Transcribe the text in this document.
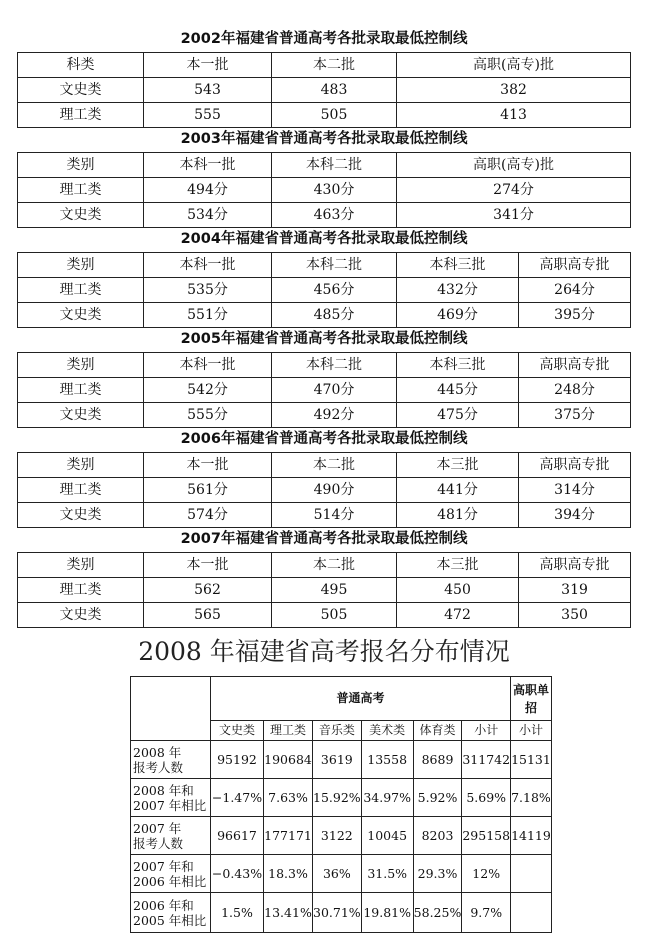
2002年福建省普通高考各批录取最低控制线			
科类	本一批	本二批	高职(高专)批
文史类	543	483	382
理工类	555	505	413
2003年福建省普通高考各批录取最低控制线			
类别	本科一批	本科二批	高职(高专)批
理工类	494分	430分	274分
文史类	534分	463分	341分
2004年福建省普通高考各批录取最低控制线				
类别	本科一批	本科二批	本科三批	高职高专批
理工类	535分	456分	432分	264分
文史类	551分	485分	469分	395分
2005年福建省普通高考各批录取最低控制线				
类别	本科一批	本科二批	本科三批	高职高专批
理工类	542分	470分	445分	248分
文史类	555分	492分	475分	375分
2006年福建省普通高考各批录取最低控制线				
类别	本一批	本二批	本三批	高职高专批
理工类	561分	490分	441分	314分
文史类	574分	514分	481分	394分
2007年福建省普通高考各批录取最低控制线				
类别	本一批	本二批	本三批	高职高专批
理工类	562	495	450	319
文史类	565	505	472	350
2008 年福建省高考报名分布情况
	普通高考						高职单招
	文史类	理工类	音乐类	美术类	体育类	小计	小计

2008 年
报考人数	95192	190684	3619	13558	8689	311742	15131

2008 年和
2007 年相比	−1.47%	7.63%	15.92%	34.97%	5.92%	5.69%	7.18%

2007 年
报考人数	96617	177171	3122	10045	8203	295158	14119

2007 年和
2006 年相比	−0.43%	18.3%	36%	31.5%	29.3%	12%	

2006 年和
2005 年相比	1.5%	13.41%	30.71%	19.81%	58.25%	9.7%	
